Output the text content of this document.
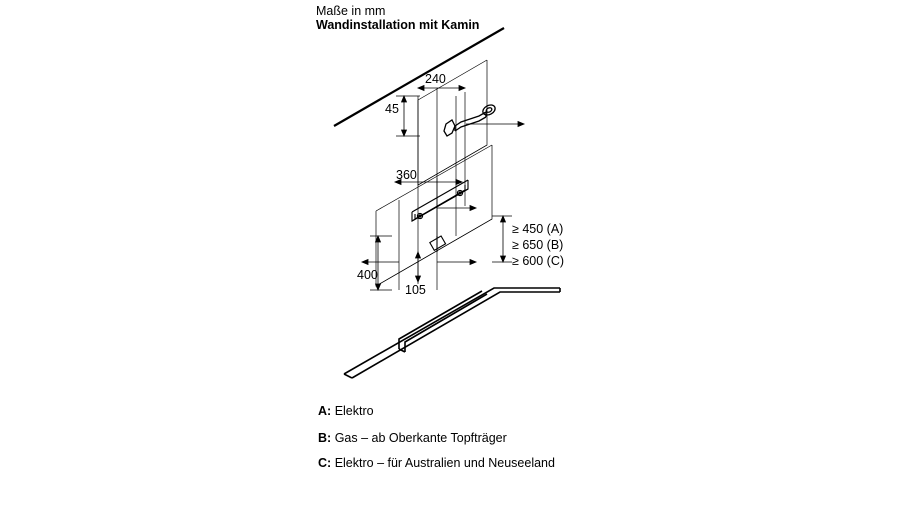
Maße in mm
Wandinstallation mit Kamin
240
45
360
400
105
≥ 450 (A)
≥ 650 (B)
≥ 600 (C)
A: Elektro
B: Gas – ab Oberkante Topfträger
C: Elektro – für Australien und Neuseeland
